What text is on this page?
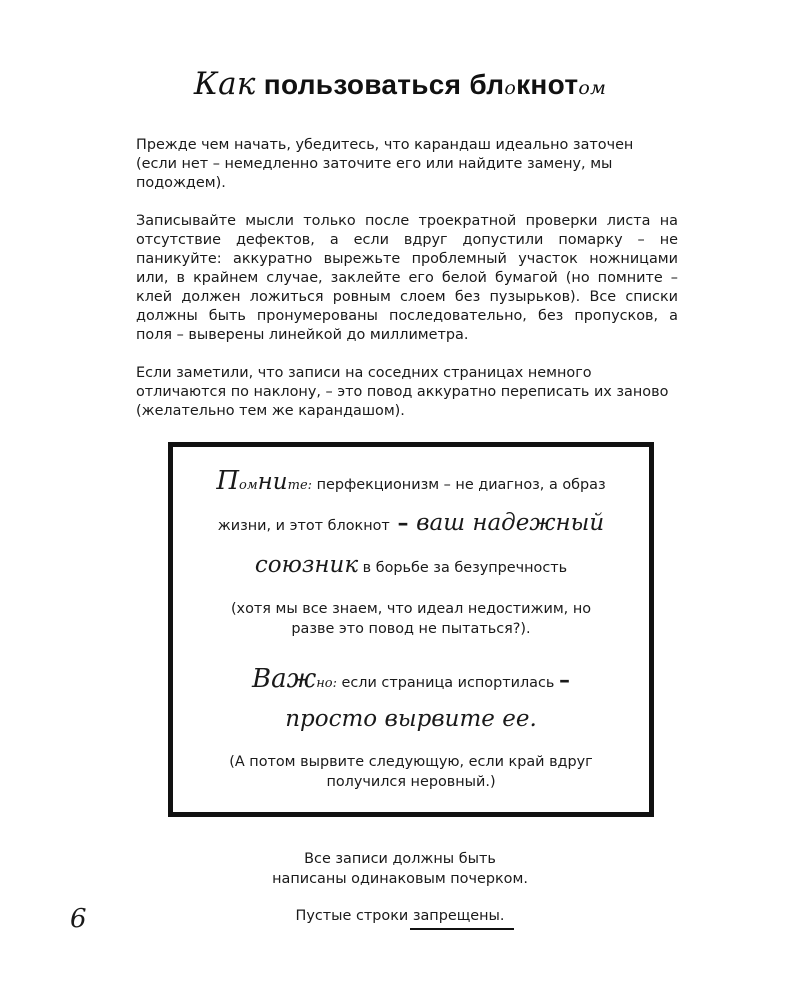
Как пользоваться блокнотом

Прежде чем начать, убедитесь, что карандаш идеально заточен (если нет – немедленно заточите его или найдите замену, мы подождем).

Записывайте мысли только после троекратной проверки листа на отсутствие дефектов, а если вдруг допустили помарку – не паникуйте: аккуратно вырежьте проблемный участок ножницами или, в крайнем случае, заклейте его белой бумагой (но помните – клей должен ложиться ровным слоем без пузырьков). Все списки должны быть пронумерованы последовательно, без пропусков, а поля – выверены линейкой до миллиметра.

Если заметили, что записи на соседних страницах немного отличаются по наклону, – это повод аккуратно переписать их заново (желательно тем же карандашом).

Помните: перфекционизм – не диагноз, а образ
жизни, и этот блокнот – ваш надежный
союзник в борьбе за безупречность
(хотя мы все знаем, что идеал недостижим, но
разве это повод не пытаться?).
Важно: если страница испортилась –
просто вырвите ее.
(А потом вырвите следующую, если край вдруг
получился неровный.)
Все записи должны быть
написаны одинаковым почерком.
Пустые строки запрещены.
6
